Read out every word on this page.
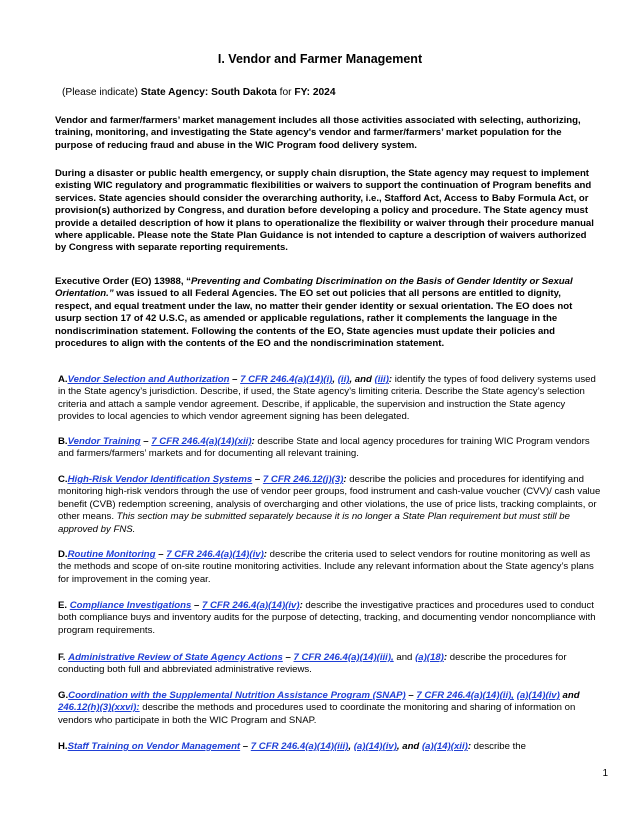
I. Vendor and Farmer Management
(Please indicate) State Agency: South Dakota for FY: 2024
Vendor and farmer/farmers’ market management includes all those activities associated with selecting, authorizing, training, monitoring, and investigating the State agency's vendor and farmer/farmers’ market population for the purpose of reducing fraud and abuse in the WIC Program food delivery system.
During a disaster or public health emergency, or supply chain disruption, the State agency may request to implement existing WIC regulatory and programmatic flexibilities or waivers to support the continuation of Program benefits and services. State agencies should consider the overarching authority, i.e., Stafford Act, Access to Baby Formula Act, or provision(s) authorized by Congress, and duration before developing a policy and procedure. The State agency must provide a detailed description of how it plans to operationalize the flexibility or waiver through their procedure manual where applicable. Please note the State Plan Guidance is not intended to capture a description of waivers authorized by Congress with separate reporting requirements.
Executive Order (EO) 13988, “Preventing and Combating Discrimination on the Basis of Gender Identity or Sexual Orientation.” was issued to all Federal Agencies. The EO set out policies that all persons are entitled to dignity, respect, and equal treatment under the law, no matter their gender identity or sexual orientation. The EO does not usurp section 17 of 42 U.S.C, as amended or applicable regulations, rather it complements the language in the nondiscrimination statement. Following the contents of the EO, State agencies must update their policies and procedures to align with the contents of the EO and the nondiscrimination statement.
A.Vendor Selection and Authorization – 7 CFR 246.4(a)(14)(i), (ii), and (iii): identify the types of food delivery systems used in the State agency’s jurisdiction. Describe, if used, the State agency’s limiting criteria. Describe the State agency’s selection criteria and attach a sample vendor agreement. Describe, if applicable, the supervision and instruction the State agency provides to local agencies to which vendor agreement signing has been delegated.
B.Vendor Training – 7 CFR 246.4(a)(14)(xii): describe State and local agency procedures for training WIC Program vendors and farmers/farmers’ markets and for documenting all relevant training.
C.High-Risk Vendor Identification Systems – 7 CFR 246.12(j)(3): describe the policies and procedures for identifying and monitoring high-risk vendors through the use of vendor peer groups, food instrument and cash-value voucher (CVV)/ cash value benefit (CVB) redemption screening, analysis of overcharging and other violations, the use of price lists, tracking complaints, or other means. This section may be submitted separately because it is no longer a State Plan requirement but must still be approved by FNS.
D.Routine Monitoring – 7 CFR 246.4(a)(14)(iv): describe the criteria used to select vendors for routine monitoring as well as the methods and scope of on-site routine monitoring activities. Include any relevant information about the State agency’s plans for improvement in the coming year.
E. Compliance Investigations – 7 CFR 246.4(a)(14)(iv): describe the investigative practices and procedures used to conduct both compliance buys and inventory audits for the purpose of detecting, tracking, and documenting vendor noncompliance with program requirements.
F. Administrative Review of State Agency Actions – 7 CFR 246.4(a)(14)(iii), and (a)(18): describe the procedures for conducting both full and abbreviated administrative reviews.
G.Coordination with the Supplemental Nutrition Assistance Program (SNAP) – 7 CFR 246.4(a)(14)(ii), (a)(14)(iv) and 246.12(h)(3)(xxvi): describe the methods and procedures used to coordinate the monitoring and sharing of information on vendors who participate in both the WIC Program and SNAP.
H.Staff Training on Vendor Management – 7 CFR 246.4(a)(14)(iii), (a)(14)(iv), and (a)(14)(xii): describe the
1
